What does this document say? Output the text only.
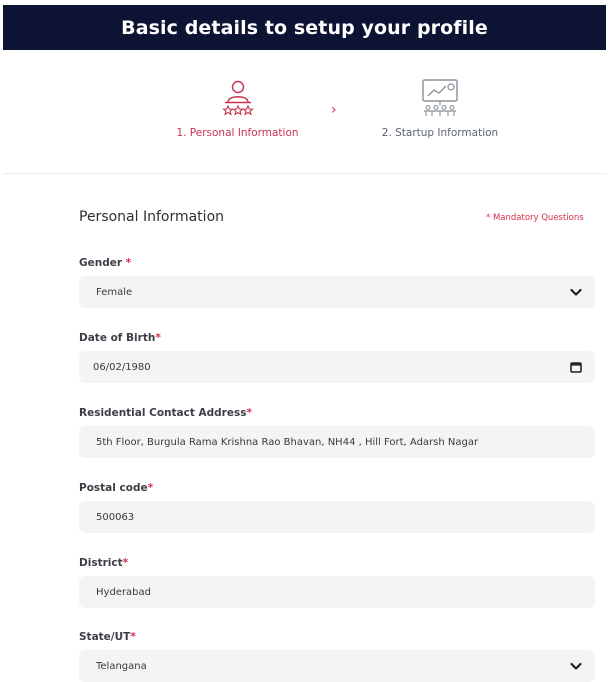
Basic details to setup your profile
1. Personal Information
›
2. Startup Information
Personal Information	* Mandatory Questions
Gender *
Female
Date of Birth*
06/02/1980
Residential Contact Address*
5th Floor, Burgula Rama Krishna Rao Bhavan, NH44 , Hill Fort, Adarsh Nagar
Postal code*
500063
District*
Hyderabad
State/UT*
Telangana
